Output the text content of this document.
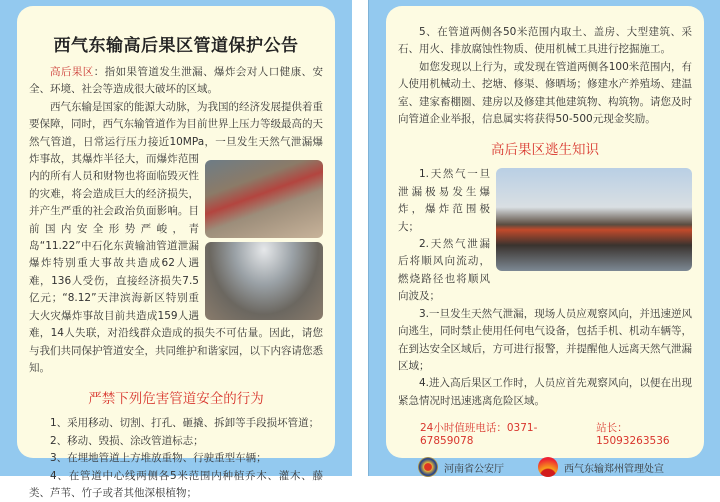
西气东输高后果区管道保护公告

高后果区：指如果管道发生泄漏、爆炸会对人口健康、安全、环境、社会等造成很大破坏的区域。

西气东输是国家的能源大动脉，为我国的经济发展提供着重要保障，同时，西气东输管道作为目前世界上压力等级最高的天然气管道，日常运行压力接近10MPa，一旦发生天然气泄漏爆炸事故，其爆炸半径大，而爆炸范围内的所有人员和财物也将面临毁灭性的灾难，将会造成巨大的经济损失，并产生严重的社会政治负面影响。目前国内安全形势严峻，青岛“11.22”中石化东黄输油管道泄漏爆炸特别重大事故共造成62人遇难，136人受伤，直接经济损失7.5亿元；“8.12”天津滨海新区特别重大火灾爆炸事故目前共造成159人遇难，14人失联，对沿线群众造成的损失不可估量。因此，请您与我们共同保护管道安全，共同维护和谐家园，以下内容请您悉知。

严禁下列危害管道安全的行为

1、采用移动、切割、打孔、砸撬、拆卸等手段损坏管道；

2、移动、毁损、涂改管道标志；

3、在埋地管道上方堆放重物、行驶重型车辆；

4、在管道中心线两侧各5米范围内种植乔木、灌木、藤类、芦苇、竹子或者其他深根植物；

5、在管道两侧各50米范围内取土、盖房、大型建筑、采石、用火、排放腐蚀性物质、使用机械工具进行挖掘施工。

如您发现以上行为，或发现在管道两侧各100米范围内，有人使用机械动土、挖塘、修渠、修晒场；修建水产养殖场、建温室、建家畜棚圈、建房以及修建其他建筑物、构筑物。请您及时向管道企业举报，信息属实将获得50-500元现金奖励。

高后果区逃生知识

1.天然气一旦泄漏极易发生爆炸，爆炸范围极大；

2.天然气泄漏后将顺风向流动，燃烧路径也将顺风向波及；

3.一旦发生天然气泄漏，现场人员应观察风向，并迅速逆风向逃生，同时禁止使用任何电气设备，包括手机、机动车辆等，在到达安全区域后，方可进行报警，并提醒他人远离天然气泄漏区域；

4.进入高后果区工作时，人员应首先观察风向，以便在出现紧急情况时迅速逃离危险区域。

24小时值班电话：0371-67859078
站长：15093263536
河南省公安厅	西气东输郑州管理处宣
